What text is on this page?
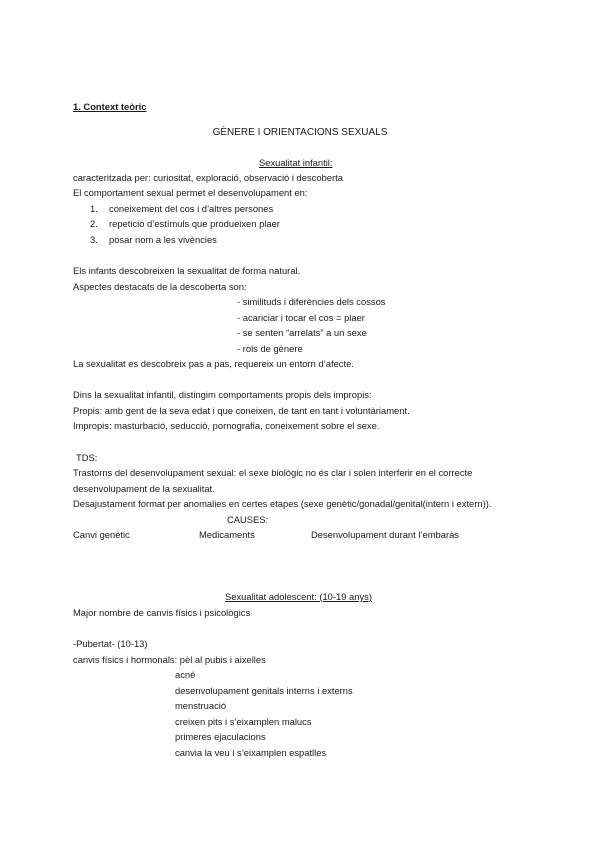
1. Context teòric
GÈNERE I ORIENTACIONS SEXUALS
Sexualitat infantil:
caracteritzada per: curiositat, exploració, observació i descoberta
El comportament sexual permet el desenvolupament en:
1. coneixement del cos i d’altres persones
2. repetició d’estímuls que produeixen plaer
3. posar nom a les vivències
Els infants descobreixen la sexualitat de forma natural.
Aspectes destacats de la descoberta son:
- similituds i diferències dels cossos
- acariciar i tocar el cos = plaer
- se senten “arrelats” a un sexe
- rols de gènere
La sexualitat es descobreix pas a pas, requereix un entorn d’afecte.
Dins la sexualitat infantil, distingim comportaments propis dels impropis:
Propis: amb gent de la seva edat i que coneixen, de tant en tant i voluntàriament.
Impropis: masturbació, seducció, pornografia, coneixement sobre el sexe.
TDS:
Trastorns del desenvolupament sexual: el sexe biològic no és clar i solen interferir en el correcte
desenvolupament de la sexualitat.
Desajustament format per anomalies en certes etapes (sexe genètic/gonadal/genital(intern i extern)).
CAUSES:
Canvi genètic	Medicaments	Desenvolupament durant l’embaràs
Sexualitat adolescent: (10-19 anys)
Major nombre de canvis físics i psicològics
-Pubertat- (10-13)
canvis físics i hormonals: pèl al pubis i aixelles
acné
desenvolupament genitals interns i externs
menstruació
creixen pits i s’eixamplen malucs
primeres ejaculacions
canvia la veu i s’eixamplen espatlles
